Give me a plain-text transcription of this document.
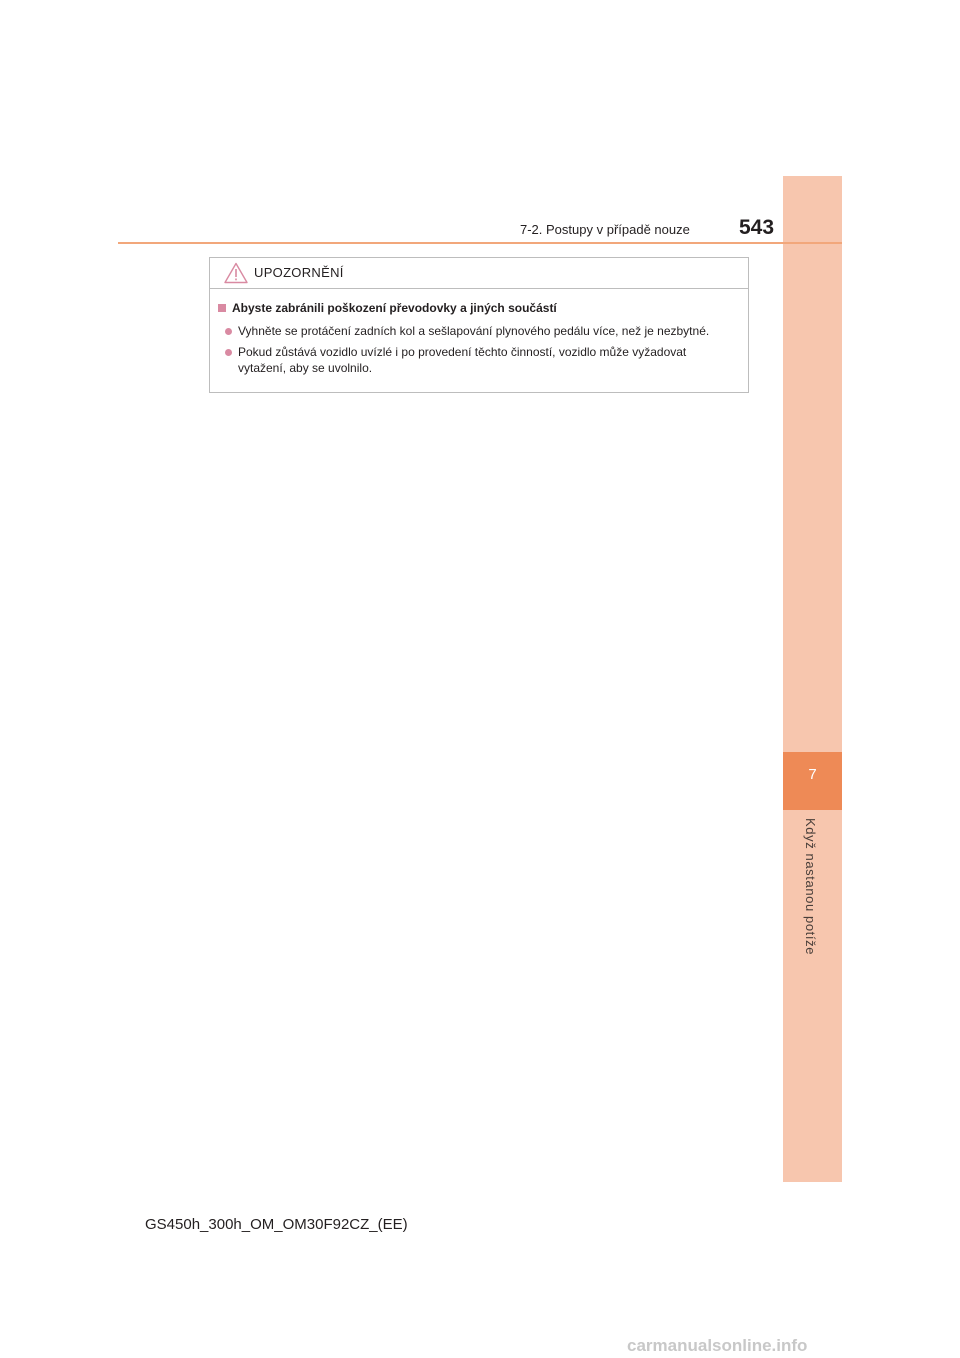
7
Když nastanou potíže
7-2. Postupy v případě nouze 543
UPOZORNĚNÍ
Abyste zabránili poškození převodovky a jiných součástí
Vyhněte se protáčení zadních kol a sešlapování plynového pedálu více, než je nezbytné.
Pokud zůstává vozidlo uvízlé i po provedení těchto činností, vozidlo může vyžadovat
vytažení, aby se uvolnilo.
GS450h_300h_OM_OM30F92CZ_(EE)
carmanualsonline.info
